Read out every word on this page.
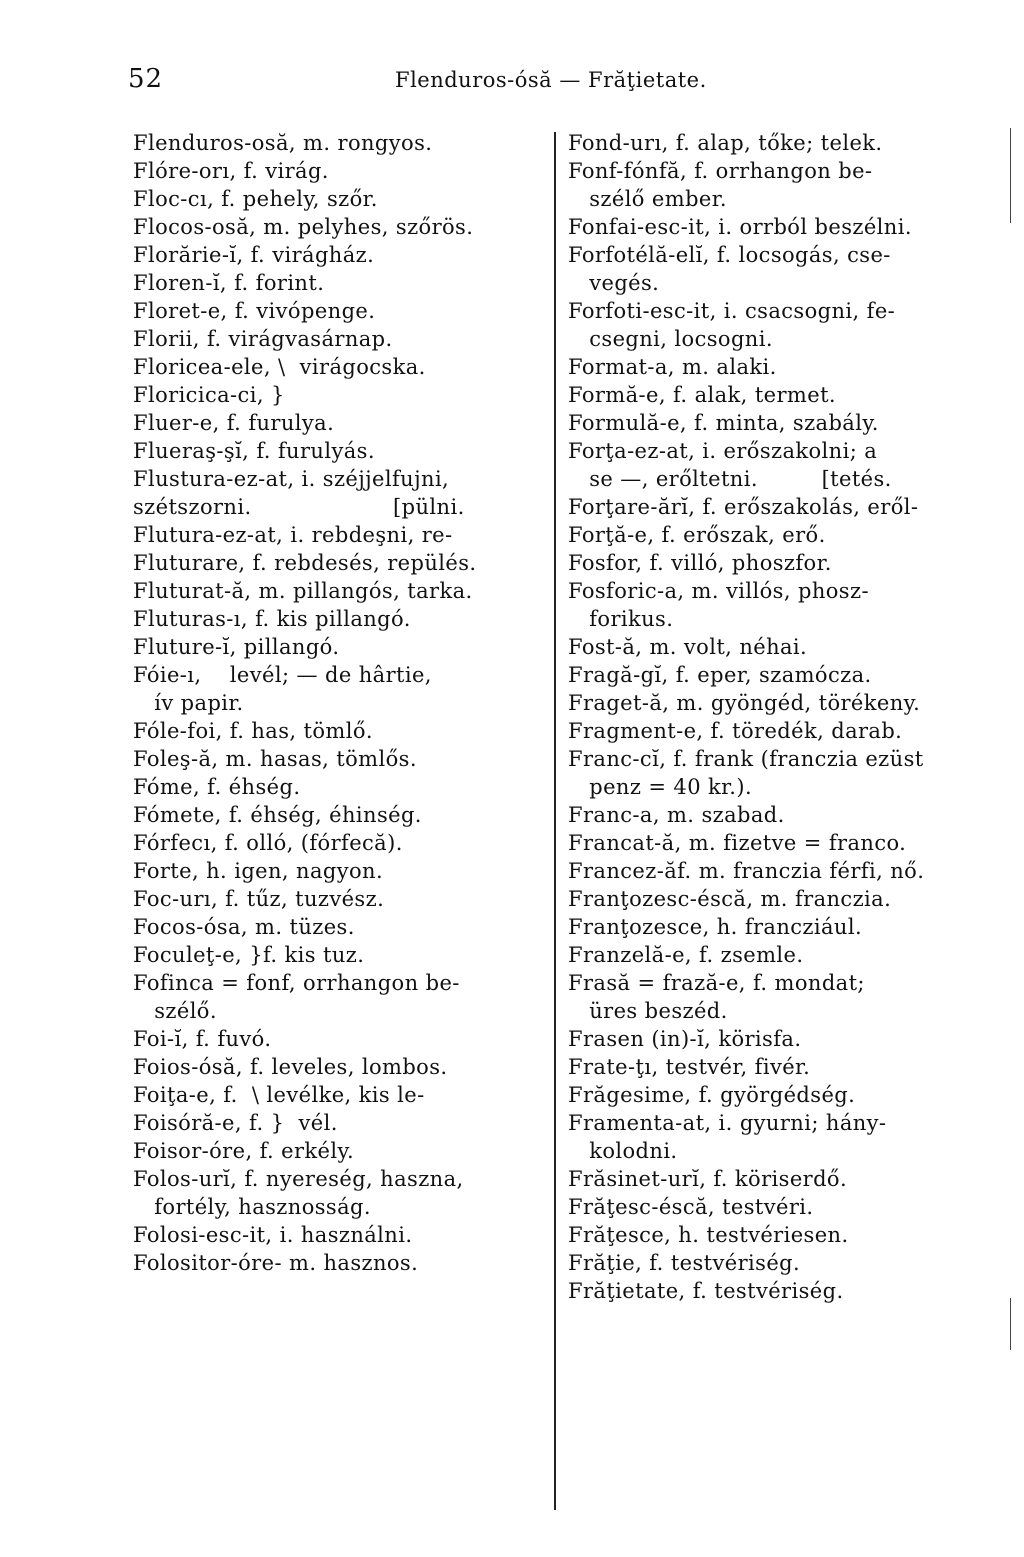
52	Flenduros-ósă — Frăţietate.
Flenduros-osă, m. rongyos.
Flóre-orı, f. virág.
Floc-cı, f. pehely, szőr.
Flocos-osă, m. pelyhes, szőrös.
Florărie-ĭ, f. virágház.
Floren-ĭ, f. forint.
Floret-e, f. vivópenge.
Florii, f. virágvasárnap.
Floricea-ele, \  virágocska.
Floricica-ci, }
Fluer-e, f. furulya.
Flueraş-şĭ, f. furulyás.
Flustura-ez-at, i. széjjelfujni,
szétszorni.                    [pülni.
Flutura-ez-at, i. rebdeşni, re-
Fluturare, f. rebdesés, repülés.
Fluturat-ă, m. pillangós, tarka.
Fluturas-ı, f. kis pillangó.
Fluture-ĭ, pillangó.
Fóie-ı,    levél; — de hârtie,
ív papir.
Fóle-foi, f. has, tömlő.
Foleş-ă, m. hasas, tömlős.
Fóme, f. éhség.
Fómete, f. éhség, éhinség.
Fórfecı, f. olló, (fórfecă).
Forte, h. igen, nagyon.
Foc-urı, f. tűz, tuzvész.
Focos-ósa, m. tüzes.
Foculeţ-e, }f. kis tuz.
Fofinca = fonf, orrhangon be-
szélő.
Foi-ĭ, f. fuvó.
Foios-ósă, f. leveles, lombos.
Foiţa-e, f.  \ levélke, kis le-
Foisóră-e, f. }  vél.
Foisor-óre, f. erkély.
Folos-urĭ, f. nyereség, haszna,
fortély, hasznosság.
Folosi-esc-it, i. használni.
Folositor-óre- m. hasznos.
Fond-urı, f. alap, tőke; telek.
Fonf-fónfă, f. orrhangon be-
szélő ember.
Fonfai-esc-it, i. orrból beszélni.
Forfotélă-elĭ, f. locsogás, cse-
vegés.
Forfoti-esc-it, i. csacsogni, fe-
csegni, locsogni.
Format-a, m. alaki.
Formă-e, f. alak, termet.
Formulă-e, f. minta, szabály.
Forţa-ez-at, i. erőszakolni; a
se —, erőltetni.         [tetés.
Forţare-ărĭ, f. erőszakolás, eről-
Forţă-e, f. erőszak, erő.
Fosfor, f. villó, phoszfor.
Fosforic-a, m. villós, phosz-
forikus.
Fost-ă, m. volt, néhai.
Fragă-gĭ, f. eper, szamócza.
Fraget-ă, m. gyöngéd, törékeny.
Fragment-e, f. töredék, darab.
Franc-cĭ, f. frank (franczia ezüst
penz = 40 kr.).
Franc-a, m. szabad.
Francat-ă, m. fizetve = franco.
Francez-ăf. m. franczia férfi, nő.
Franţozesc-éscă, m. franczia.
Franţozesce, h. francziául.
Franzelă-e, f. zsemle.
Frasă = frază-e, f. mondat;
üres beszéd.
Frasen (in)-ĭ, körisfa.
Frate-ţı, testvér, fivér.
Frăgesime, f. györgédség.
Framenta-at, i. gyurni; hány-
kolodni.
Frăsinet-urĭ, f. köriserdő.
Frăţesc-éscă, testvéri.
Frăţesce, h. testvériesen.
Frăţie, f. testvériség.
Frăţietate, f. testvériség.
